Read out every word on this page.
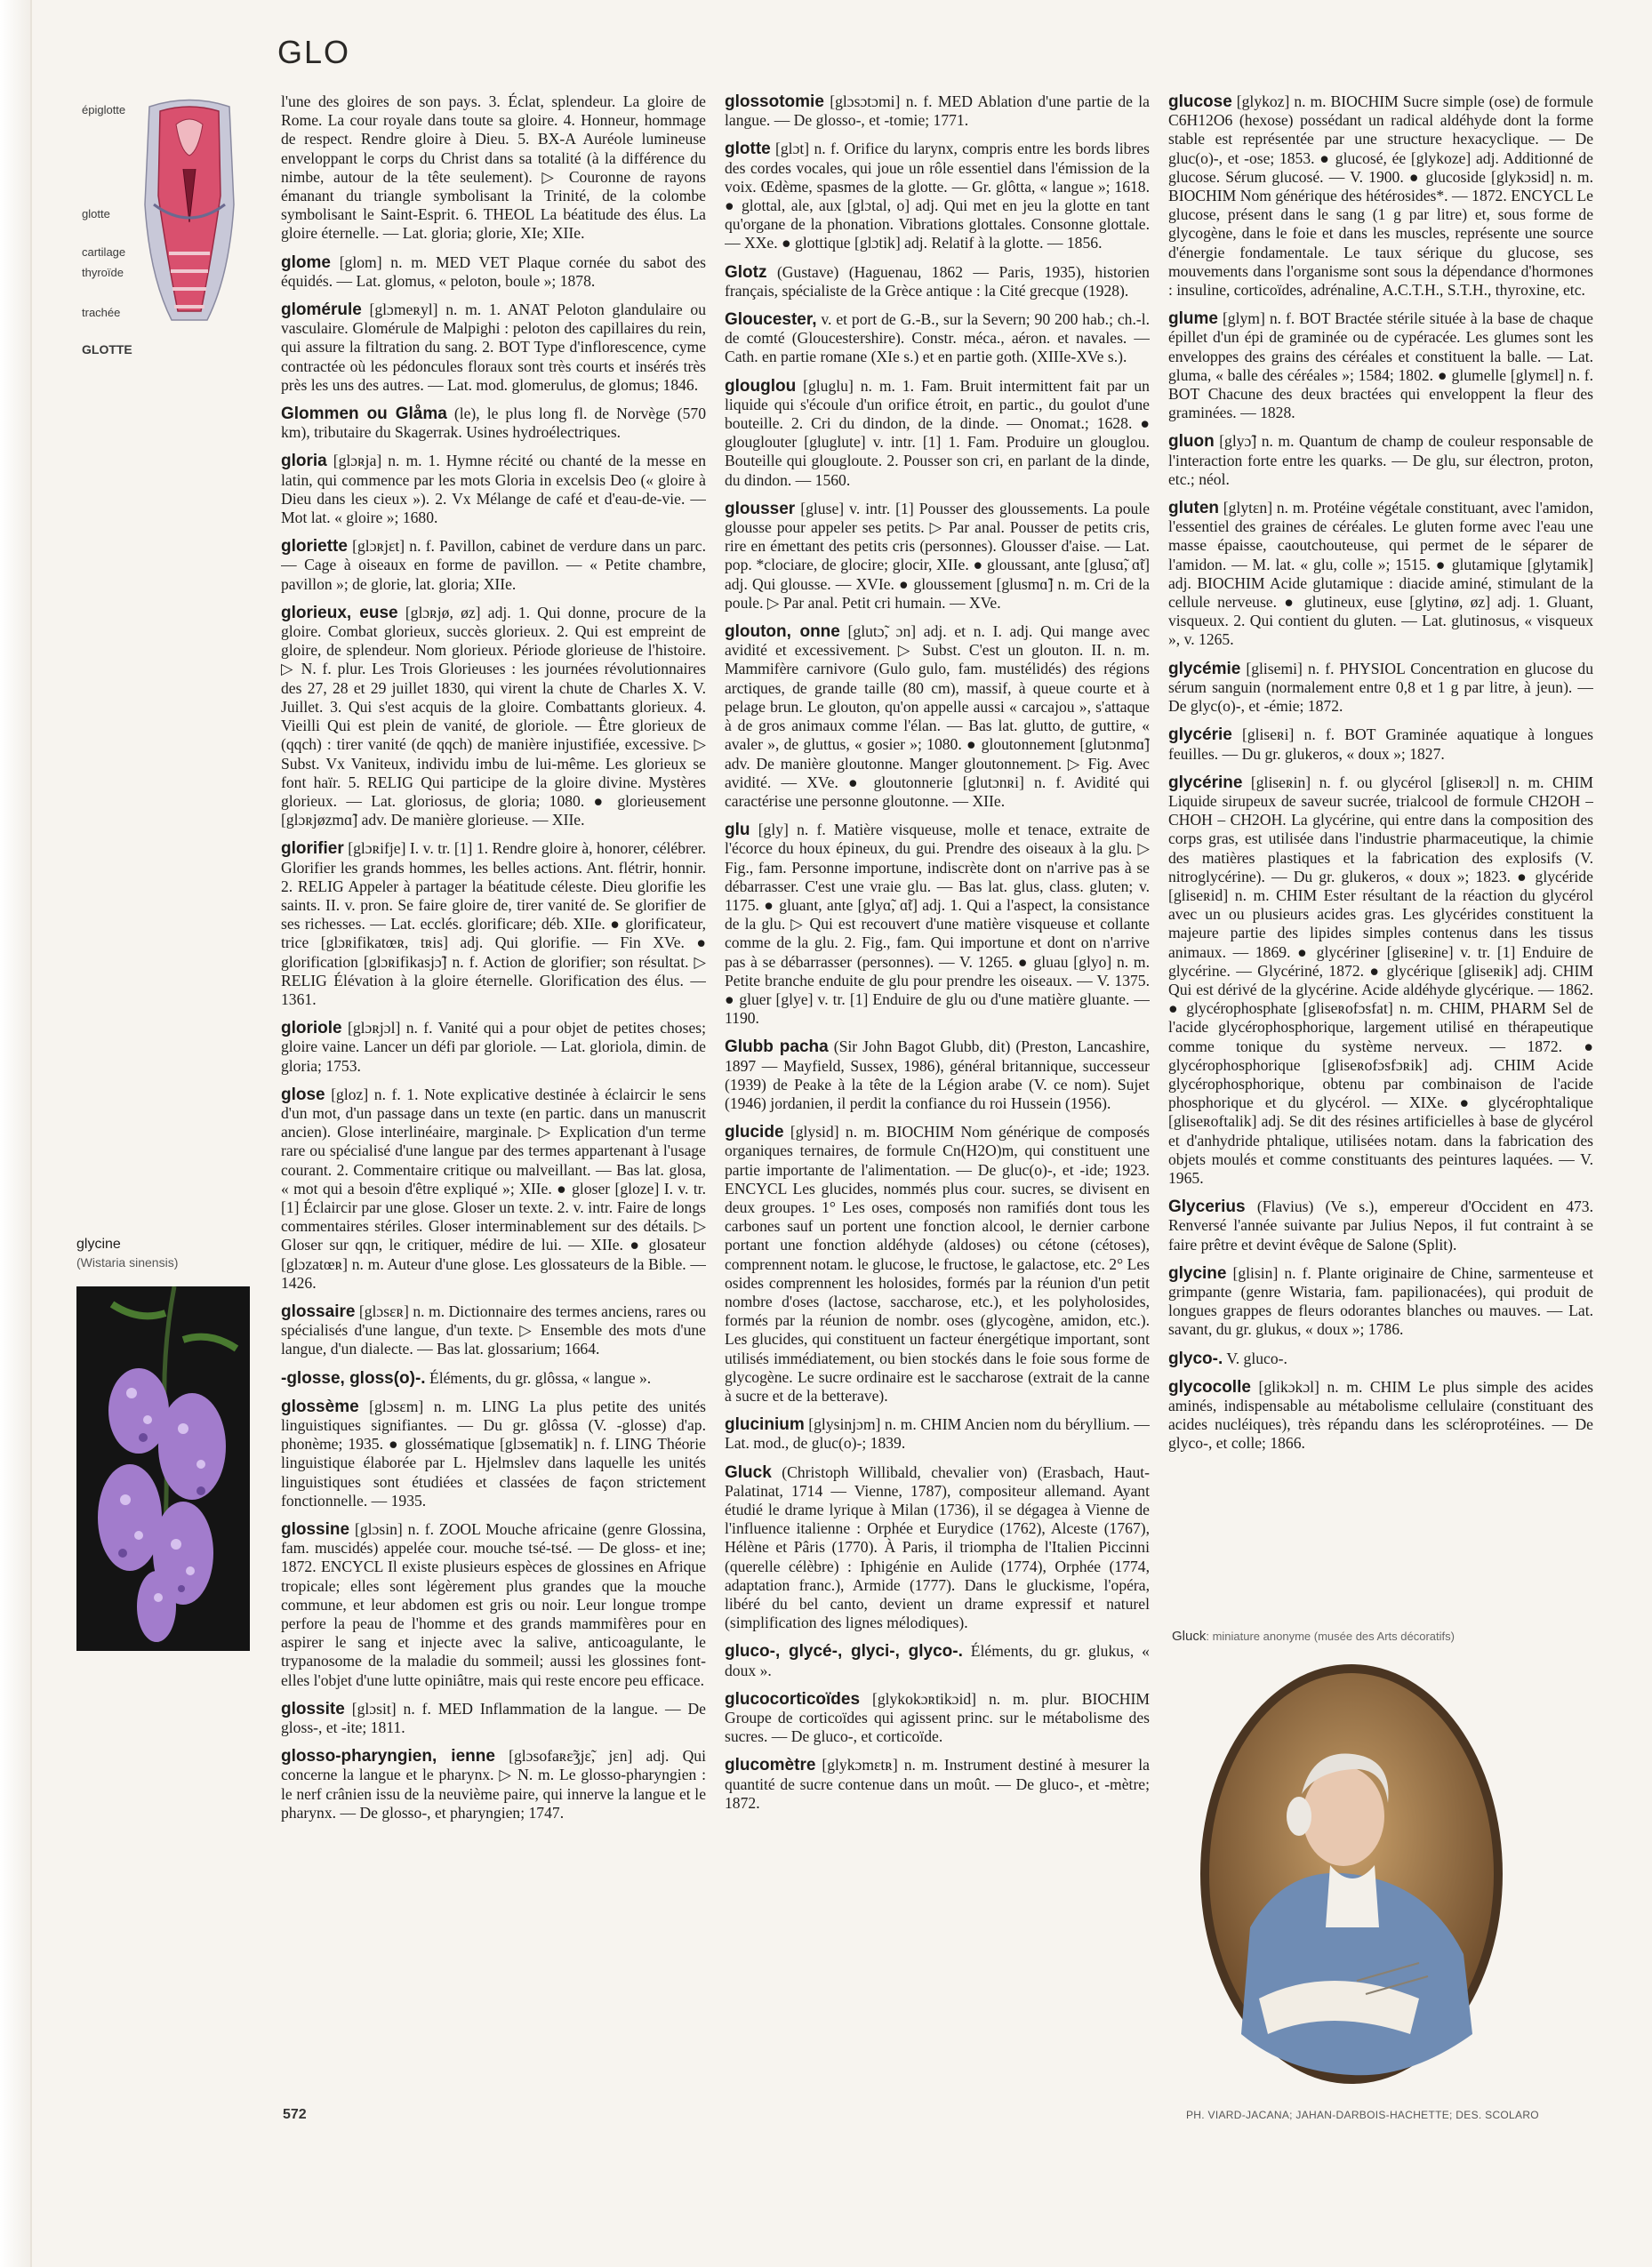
GLO
épiglotte
glotte
cartilage
thyroïde
trachée
GLOTTE

l'une des gloires de son pays. 3. Éclat, splendeur. La gloire de Rome. La cour royale dans toute sa gloire. 4. Honneur, hommage de respect. Rendre gloire à Dieu. 5. BX-A Auréole lumineuse enveloppant le corps du Christ dans sa totalité (à la différence du nimbe, autour de la tête seulement). ▷ Couronne de rayons émanant du triangle symbolisant la Trinité, de la colombe symbolisant le Saint-Esprit. 6. THEOL La béatitude des élus. La gloire éternelle. — Lat. gloria; glorie, XIe; XIIe.

glome [glom] n. m. MED VET Plaque cornée du sabot des équidés. — Lat. glomus, « peloton, boule »; 1878.

glomérule [glɔmeʀyl] n. m. 1. ANAT Peloton glandulaire ou vasculaire. Glomérule de Malpighi : peloton des capillaires du rein, qui assure la filtration du sang. 2. BOT Type d'inflorescence, cyme contractée où les pédoncules floraux sont très courts et insérés très près les uns des autres. — Lat. mod. glomerulus, de glomus; 1846.

Glommen ou Glåma (le), le plus long fl. de Norvège (570 km), tributaire du Skagerrak. Usines hydroélectriques.

gloria [glɔʀja] n. m. 1. Hymne récité ou chanté de la messe en latin, qui commence par les mots Gloria in excelsis Deo (« gloire à Dieu dans les cieux »). 2. Vx Mélange de café et d'eau-de-vie. — Mot lat. « gloire »; 1680.

gloriette [glɔʀjɛt] n. f. Pavillon, cabinet de verdure dans un parc. — Cage à oiseaux en forme de pavillon. — « Petite chambre, pavillon »; de glorie, lat. gloria; XIIe.

glorieux, euse [glɔʀjø, øz] adj. 1. Qui donne, procure de la gloire. Combat glorieux, succès glorieux. 2. Qui est empreint de gloire, de splendeur. Nom glorieux. Période glorieuse de l'histoire. ▷ N. f. plur. Les Trois Glorieuses : les journées révolutionnaires des 27, 28 et 29 juillet 1830, qui virent la chute de Charles X. V. Juillet. 3. Qui s'est acquis de la gloire. Combattants glorieux. 4. Vieilli Qui est plein de vanité, de gloriole. — Être glorieux de (qqch) : tirer vanité (de qqch) de manière injustifiée, excessive. ▷ Subst. Vx Vaniteux, individu imbu de lui-même. Les glorieux se font haïr. 5. RELIG Qui participe de la gloire divine. Mystères glorieux. — Lat. gloriosus, de gloria; 1080. ● glorieusement [glɔʀjøzmɑ̃] adv. De manière glorieuse. — XIIe.

glorifier [glɔʀifje] I. v. tr. [1] 1. Rendre gloire à, honorer, célébrer. Glorifier les grands hommes, les belles actions. Ant. flétrir, honnir. 2. RELIG Appeler à partager la béatitude céleste. Dieu glorifie les saints. II. v. pron. Se faire gloire de, tirer vanité de. Se glorifier de ses richesses. — Lat. ecclés. glorificare; déb. XIIe. ● glorificateur, trice [glɔʀifikatœʀ, tʀis] adj. Qui glorifie. — Fin XVe. ● glorification [glɔʀifikasjɔ̃] n. f. Action de glorifier; son résultat. ▷ RELIG Élévation à la gloire éternelle. Glorification des élus. — 1361.

gloriole [glɔʀjɔl] n. f. Vanité qui a pour objet de petites choses; gloire vaine. Lancer un défi par gloriole. — Lat. gloriola, dimin. de gloria; 1753.

glose [gloz] n. f. 1. Note explicative destinée à éclaircir le sens d'un mot, d'un passage dans un texte (en partic. dans un manuscrit ancien). Glose interlinéaire, marginale. ▷ Explication d'un terme rare ou spécialisé d'une langue par des termes appartenant à l'usage courant. 2. Commentaire critique ou malveillant. — Bas lat. glosa, « mot qui a besoin d'être expliqué »; XIIe. ● gloser [gloze] I. v. tr. [1] Éclaircir par une glose. Gloser un texte. 2. v. intr. Faire de longs commentaires stériles. Gloser interminablement sur des détails. ▷ Gloser sur qqn, le critiquer, médire de lui. — XIIe. ● glosateur [glɔzatœʀ] n. m. Auteur d'une glose. Les glossateurs de la Bible. — 1426.

glossaire [glɔsɛʀ] n. m. Dictionnaire des termes anciens, rares ou spécialisés d'une langue, d'un texte. ▷ Ensemble des mots d'une langue, d'un dialecte. — Bas lat. glossarium; 1664.

-glosse, gloss(o)-. Éléments, du gr. glôssa, « langue ».

glossème [glɔsɛm] n. m. LING La plus petite des unités linguistiques signifiantes. — Du gr. glôssa (V. -glosse) d'ap. phonème; 1935. ● glossématique [glɔsematik] n. f. LING Théorie linguistique élaborée par L. Hjelmslev dans laquelle les unités linguistiques sont étudiées et classées de façon strictement fonctionnelle. — 1935.

glossine [glɔsin] n. f. ZOOL Mouche africaine (genre Glossina, fam. muscidés) appelée cour. mouche tsé-tsé. — De gloss- et ine; 1872. ENCYCL Il existe plusieurs espèces de glossines en Afrique tropicale; elles sont légèrement plus grandes que la mouche commune, et leur abdomen est gris ou noir. Leur longue trompe perfore la peau de l'homme et des grands mammifères pour en aspirer le sang et injecte avec la salive, anticoagulante, le trypanosome de la maladie du sommeil; aussi les glossines font-elles l'objet d'une lutte opiniâtre, mais qui reste encore peu efficace.

glossite [glɔsit] n. f. MED Inflammation de la langue. — De gloss-, et -ite; 1811.

glosso-pharyngien, ienne [glɔsofaʀɛ̃ʒjɛ̃, jɛn] adj. Qui concerne la langue et le pharynx. ▷ N. m. Le glosso-pharyngien : le nerf crânien issu de la neuvième paire, qui innerve la langue et le pharynx. — De glosso-, et pharyngien; 1747.

glossotomie [glɔsɔtɔmi] n. f. MED Ablation d'une partie de la langue. — De glosso-, et -tomie; 1771.

glotte [glɔt] n. f. Orifice du larynx, compris entre les bords libres des cordes vocales, qui joue un rôle essentiel dans l'émission de la voix. Œdème, spasmes de la glotte. — Gr. glôtta, « langue »; 1618. ● glottal, ale, aux [glɔtal, o] adj. Qui met en jeu la glotte en tant qu'organe de la phonation. Vibrations glottales. Consonne glottale. — XXe. ● glottique [glɔtik] adj. Relatif à la glotte. — 1856.

Glotz (Gustave) (Haguenau, 1862 — Paris, 1935), historien français, spécialiste de la Grèce antique : la Cité grecque (1928).

Gloucester, v. et port de G.-B., sur la Severn; 90 200 hab.; ch.-l. de comté (Gloucestershire). Constr. méca., aéron. et navales. — Cath. en partie romane (XIe s.) et en partie goth. (XIIIe-XVe s.).

glouglou [gluglu] n. m. 1. Fam. Bruit intermittent fait par un liquide qui s'écoule d'un orifice étroit, en partic., du goulot d'une bouteille. 2. Cri du dindon, de la dinde. — Onomat.; 1628. ● glouglouter [gluglute] v. intr. [1] 1. Fam. Produire un glouglou. Bouteille qui glougloute. 2. Pousser son cri, en parlant de la dinde, du dindon. — 1560.

glousser [gluse] v. intr. [1] Pousser des gloussements. La poule glousse pour appeler ses petits. ▷ Par anal. Pousser de petits cris, rire en émettant des petits cris (personnes). Glousser d'aise. — Lat. pop. *clociare, de glocire; glocir, XIIe. ● gloussant, ante [glusɑ̃, ɑ̃t] adj. Qui glousse. — XVIe. ● gloussement [glusmɑ̃] n. m. Cri de la poule. ▷ Par anal. Petit cri humain. — XVe.

glouton, onne [glutɔ̃, ɔn] adj. et n. I. adj. Qui mange avec avidité et excessivement. ▷ Subst. C'est un glouton. II. n. m. Mammifère carnivore (Gulo gulo, fam. mustélidés) des régions arctiques, de grande taille (80 cm), massif, à queue courte et à pelage brun. Le glouton, qu'on appelle aussi « carcajou », s'attaque à de gros animaux comme l'élan. — Bas lat. glutto, de guttire, « avaler », de gluttus, « gosier »; 1080. ● gloutonnement [glutɔnmɑ̃] adv. De manière gloutonne. Manger gloutonnement. ▷ Fig. Avec avidité. — XVe. ● gloutonnerie [glutɔnʀi] n. f. Avidité qui caractérise une personne gloutonne. — XIIe.

glu [gly] n. f. Matière visqueuse, molle et tenace, extraite de l'écorce du houx épineux, du gui. Prendre des oiseaux à la glu. ▷ Fig., fam. Personne importune, indiscrète dont on n'arrive pas à se débarrasser. C'est une vraie glu. — Bas lat. glus, class. gluten; v. 1175. ● gluant, ante [glyɑ̃, ɑ̃t] adj. 1. Qui a l'aspect, la consistance de la glu. ▷ Qui est recouvert d'une matière visqueuse et collante comme de la glu. 2. Fig., fam. Qui importune et dont on n'arrive pas à se débarrasser (personnes). — V. 1265. ● gluau [glyo] n. m. Petite branche enduite de glu pour prendre les oiseaux. — V. 1375. ● gluer [glye] v. tr. [1] Enduire de glu ou d'une matière gluante. — 1190.

Glubb pacha (Sir John Bagot Glubb, dit) (Preston, Lancashire, 1897 — Mayfield, Sussex, 1986), général britannique, successeur (1939) de Peake à la tête de la Légion arabe (V. ce nom). Sujet (1946) jordanien, il perdit la confiance du roi Hussein (1956).

glucide [glysid] n. m. BIOCHIM Nom générique de composés organiques ternaires, de formule Cn(H2O)m, qui constituent une partie importante de l'alimentation. — De gluc(o)-, et -ide; 1923. ENCYCL Les glucides, nommés plus cour. sucres, se divisent en deux groupes. 1° Les oses, composés non ramifiés dont tous les carbones sauf un portent une fonction alcool, le dernier carbone portant une fonction aldéhyde (aldoses) ou cétone (cétoses), comprennent notam. le glucose, le fructose, le galactose, etc. 2° Les osides comprennent les holosides, formés par la réunion d'un petit nombre d'oses (lactose, saccharose, etc.), et les polyholosides, formés par la réunion de nombr. oses (glycogène, amidon, etc.). Les glucides, qui constituent un facteur énergétique important, sont utilisés immédiatement, ou bien stockés dans le foie sous forme de glycogène. Le sucre ordinaire est le saccharose (extrait de la canne à sucre et de la betterave).

glucinium [glysinjɔm] n. m. CHIM Ancien nom du béryllium. — Lat. mod., de gluc(o)-; 1839.

Gluck (Christoph Willibald, chevalier von) (Erasbach, Haut-Palatinat, 1714 — Vienne, 1787), compositeur allemand. Ayant étudié le drame lyrique à Milan (1736), il se dégagea à Vienne de l'influence italienne : Orphée et Eurydice (1762), Alceste (1767), Hélène et Pâris (1770). À Paris, il triompha de l'Italien Piccinni (querelle célèbre) : Iphigénie en Aulide (1774), Orphée (1774, adaptation franc.), Armide (1777). Dans le gluckisme, l'opéra, libéré du bel canto, devient un drame expressif et naturel (simplification des lignes mélodiques).

gluco-, glycé-, glyci-, glyco-. Éléments, du gr. glukus, « doux ».

glucocorticoïdes [glykokɔʀtikɔid] n. m. plur. BIOCHIM Groupe de corticoïdes qui agissent princ. sur le métabolisme des sucres. — De gluco-, et corticoïde.

glucomètre [glykɔmɛtʀ] n. m. Instrument destiné à mesurer la quantité de sucre contenue dans un moût. — De gluco-, et -mètre; 1872.

glucose [glykoz] n. m. BIOCHIM Sucre simple (ose) de formule C6H12O6 (hexose) possédant un radical aldéhyde dont la forme stable est représentée par une structure hexacyclique. — De gluc(o)-, et -ose; 1853. ● glucosé, ée [glykoze] adj. Additionné de glucose. Sérum glucosé. — V. 1900. ● glucoside [glykɔsid] n. m. BIOCHIM Nom générique des hétérosides*. — 1872. ENCYCL Le glucose, présent dans le sang (1 g par litre) et, sous forme de glycogène, dans le foie et dans les muscles, représente une source d'énergie fondamentale. Le taux sérique du glucose, ses mouvements dans l'organisme sont sous la dépendance d'hormones : insuline, corticoïdes, adrénaline, A.C.T.H., S.T.H., thyroxine, etc.

glume [glym] n. f. BOT Bractée stérile située à la base de chaque épillet d'un épi de graminée ou de cypéracée. Les glumes sont les enveloppes des grains des céréales et constituent la balle. — Lat. gluma, « balle des céréales »; 1584; 1802. ● glumelle [glymɛl] n. f. BOT Chacune des deux bractées qui enveloppent la fleur des graminées. — 1828.

gluon [glyɔ̃] n. m. Quantum de champ de couleur responsable de l'interaction forte entre les quarks. — De glu, sur électron, proton, etc.; néol.

gluten [glytɛn] n. m. Protéine végétale constituant, avec l'amidon, l'essentiel des graines de céréales. Le gluten forme avec l'eau une masse épaisse, caoutchouteuse, qui permet de le séparer de l'amidon. — M. lat. « glu, colle »; 1515. ● glutamique [glytamik] adj. BIOCHIM Acide glutamique : diacide aminé, stimulant de la cellule nerveuse. ● glutineux, euse [glytinø, øz] adj. 1. Gluant, visqueux. 2. Qui contient du gluten. — Lat. glutinosus, « visqueux », v. 1265.

glycémie [glisemi] n. f. PHYSIOL Concentration en glucose du sérum sanguin (normalement entre 0,8 et 1 g par litre, à jeun). — De glyc(o)-, et -émie; 1872.

glycérie [gliseʀi] n. f. BOT Graminée aquatique à longues feuilles. — Du gr. glukeros, « doux »; 1827.

glycérine [glisеʀin] n. f. ou glycérol [glisеʀɔl] n. m. CHIM Liquide sirupeux de saveur sucrée, trialcool de formule CH2OH – CHOH – CH2OH. La glycérine, qui entre dans la composition des corps gras, est utilisée dans l'industrie pharmaceutique, la chimie des matières plastiques et la fabrication des explosifs (V. nitroglycérine). — Du gr. glukeros, « doux »; 1823. ● glycéride [glisеʀid] n. m. CHIM Ester résultant de la réaction du glycérol avec un ou plusieurs acides gras. Les glycérides constituent la majeure partie des lipides simples contenus dans les tissus animaux. — 1869. ● glycériner [glisеʀine] v. tr. [1] Enduire de glycérine. — Glycériné, 1872. ● glycérique [glisеʀik] adj. CHIM Qui est dérivé de la glycérine. Acide aldéhyde glycérique. — 1862. ● glycérophosphate [glisеʀofɔsfat] n. m. CHIM, PHARM Sel de l'acide glycérophosphorique, largement utilisé en thérapeutique comme tonique du système nerveux. — 1872. ● glycérophosphorique [glisеʀofɔsfɔʀik] adj. CHIM Acide glycérophosphorique, obtenu par combinaison de l'acide phosphorique et du glycérol. — XIXe. ● glycérophtalique [glisеʀoftalik] adj. Se dit des résines artificielles à base de glycérol et d'anhydride phtalique, utilisées notam. dans la fabrication des objets moulés et comme constituants des peintures laquées. — V. 1965.

Glycerius (Flavius) (Ve s.), empereur d'Occident en 473. Renversé l'année suivante par Julius Nepos, il fut contraint à se faire prêtre et devint évêque de Salone (Split).

glycine [glisin] n. f. Plante originaire de Chine, sarmenteuse et grimpante (genre Wistaria, fam. papilionacées), qui produit de longues grappes de fleurs odorantes blanches ou mauves. — Lat. savant, du gr. glukus, « doux »; 1786.

glyco-. V. gluco-.

glycocolle [glikɔkɔl] n. m. CHIM Le plus simple des acides aminés, indispensable au métabolisme cellulaire (constituant des acides nucléiques), très répandu dans les scléroprotéines. — De glyco-, et colle; 1866.

glycine
(Wistaria sinensis)
Gluck: miniature anonyme (musée des Arts décoratifs)
572	PH. VIARD-JACANA; JAHAN-DARBOIS-HACHETTE; DES. SCOLARO
